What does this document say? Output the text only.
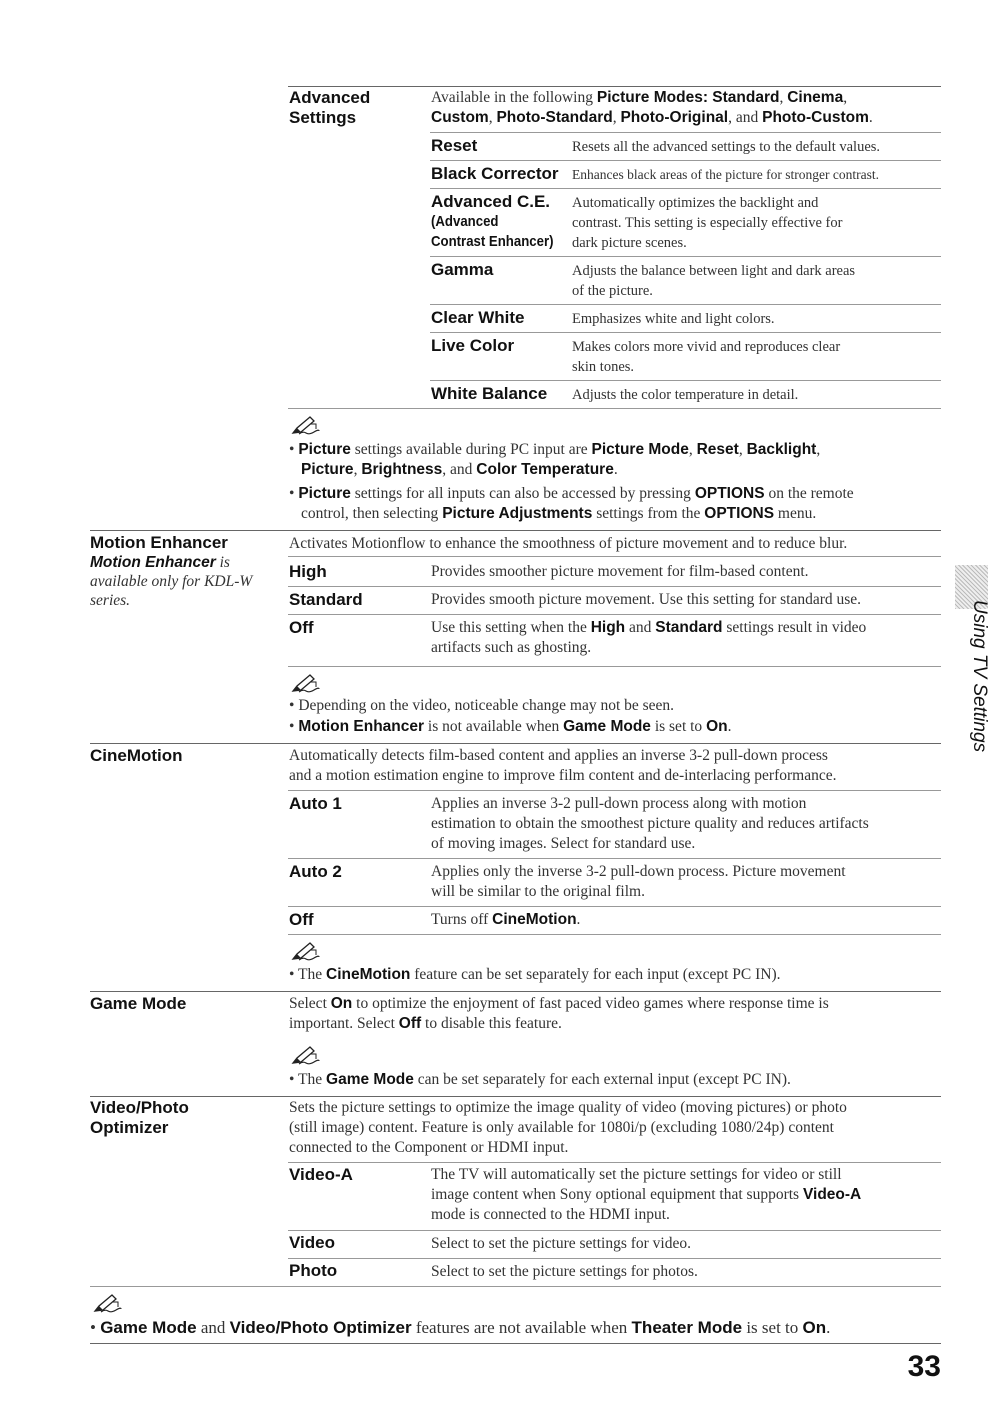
Advanced
Settings
Available in the following Picture Modes: Standard, Cinema,
Custom, Photo-Standard, Photo-Original, and Photo-Custom.
Reset	Resets all the advanced settings to the default values.
Black Corrector Enhances black areas of the picture for stronger contrast.
Advanced C.E.
(Advanced
Contrast Enhancer)
Automatically optimizes the backlight and
contrast. This setting is especially effective for
dark picture scenes.
Gamma	Adjusts the balance between light and dark areas
of the picture.
Clear White	Emphasizes white and light colors.
Live Color	Makes colors more vivid and reproduces clear
skin tones.
White Balance Adjusts the color temperature in detail.
• Picture settings available during PC input are Picture Mode, Reset, Backlight,
Picture, Brightness, and Color Temperature.
• Picture settings for all inputs can also be accessed by pressing OPTIONS on the remote
control, then selecting Picture Adjustments settings from the OPTIONS menu.
Motion Enhancer
Motion Enhancer is
available only for KDL-W
series.
Activates Motionflow to enhance the smoothness of picture movement and to reduce blur.
High	Provides smoother picture movement for film-based content.
Standard	Provides smooth picture movement. Use this setting for standard use.
Off	Use this setting when the High and Standard settings result in video
artifacts such as ghosting.
• Depending on the video, noticeable change may not be seen.
• Motion Enhancer is not available when Game Mode is set to On.
CineMotion	Automatically detects film-based content and applies an inverse 3-2 pull-down process
and a motion estimation engine to improve film content and de-interlacing performance.
Auto 1	Applies an inverse 3-2 pull-down process along with motion
estimation to obtain the smoothest picture quality and reduces artifacts
of moving images. Select for standard use.
Auto 2	Applies only the inverse 3-2 pull-down process. Picture movement
will be similar to the original film.
Off	Turns off CineMotion.
• The CineMotion feature can be set separately for each input (except PC IN).
Game Mode	Select On to optimize the enjoyment of fast paced video games where response time is
important. Select Off to disable this feature.
• The Game Mode can be set separately for each external input (except PC IN).
Video/Photo
Optimizer
Sets the picture settings to optimize the image quality of video (moving pictures) or photo
(still image) content. Feature is only available for 1080i/p (excluding 1080/24p) content
connected to the Component or HDMI input.
Video-A	The TV will automatically set the picture settings for video or still
image content when Sony optional equipment that supports Video-A
mode is connected to the HDMI input.
Video	Select to set the picture settings for video.
Photo	Select to set the picture settings for photos.
• Game Mode and Video/Photo Optimizer features are not available when Theater Mode is set to On.
Using TV Settings
33
